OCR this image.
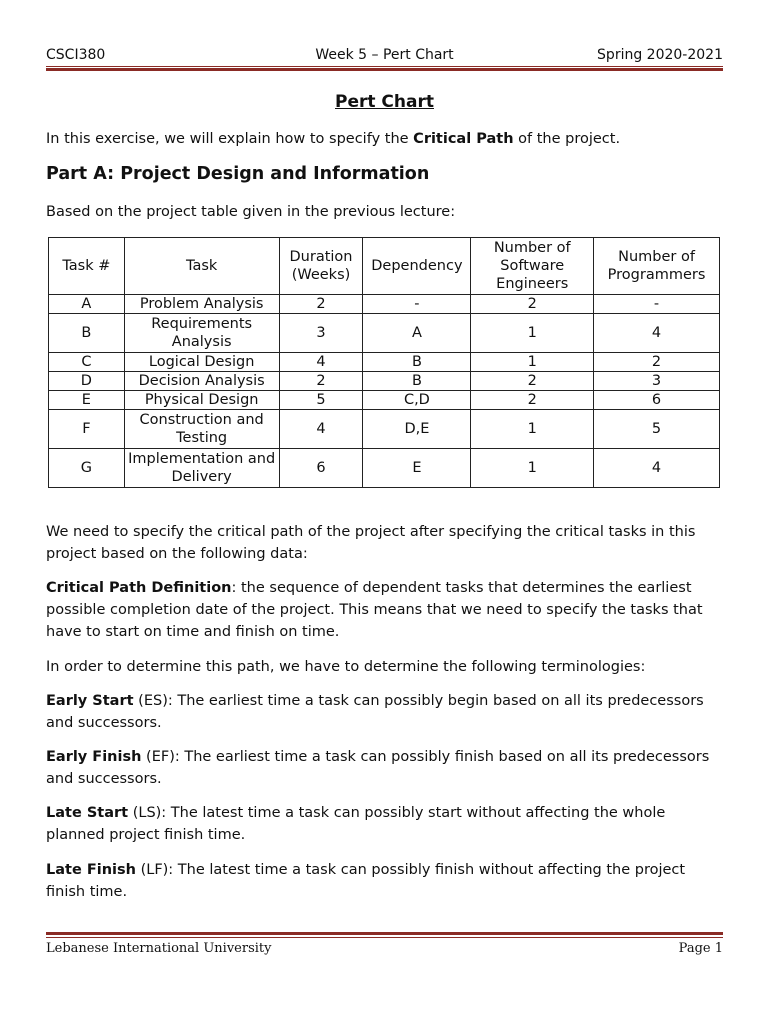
CSCI380	Week 5 – Pert Chart	Spring 2020-2021
Pert Chart

In this exercise, we will explain how to specify the Critical Path of the project.

Part A: Project Design and Information

Based on the project table given in the previous lecture:

Task #	Task	Duration (Weeks)	Dependency	Number of Software Engineers	Number of Programmers
A	Problem Analysis	2	-	2	-
B	Requirements Analysis	3	A	1	4
C	Logical Design	4	B	1	2
D	Decision Analysis	2	B	2	3
E	Physical Design	5	C,D	2	6
F	Construction and Testing	4	D,E	1	5
G	Implementation and Delivery	6	E	1	4

We need to specify the critical path of the project after specifying the critical tasks in this project based on the following data:

Critical Path Definition: the sequence of dependent tasks that determines the earliest possible completion date of the project. This means that we need to specify the tasks that have to start on time and finish on time.

In order to determine this path, we have to determine the following terminologies:

Early Start (ES): The earliest time a task can possibly begin based on all its predecessors and successors.

Early Finish (EF): The earliest time a task can possibly finish based on all its predecessors and successors.

Late Start (LS): The latest time a task can possibly start without affecting the whole planned project finish time.

Late Finish (LF): The latest time a task can possibly finish without affecting the project finish time.

Lebanese International University	Page 1
